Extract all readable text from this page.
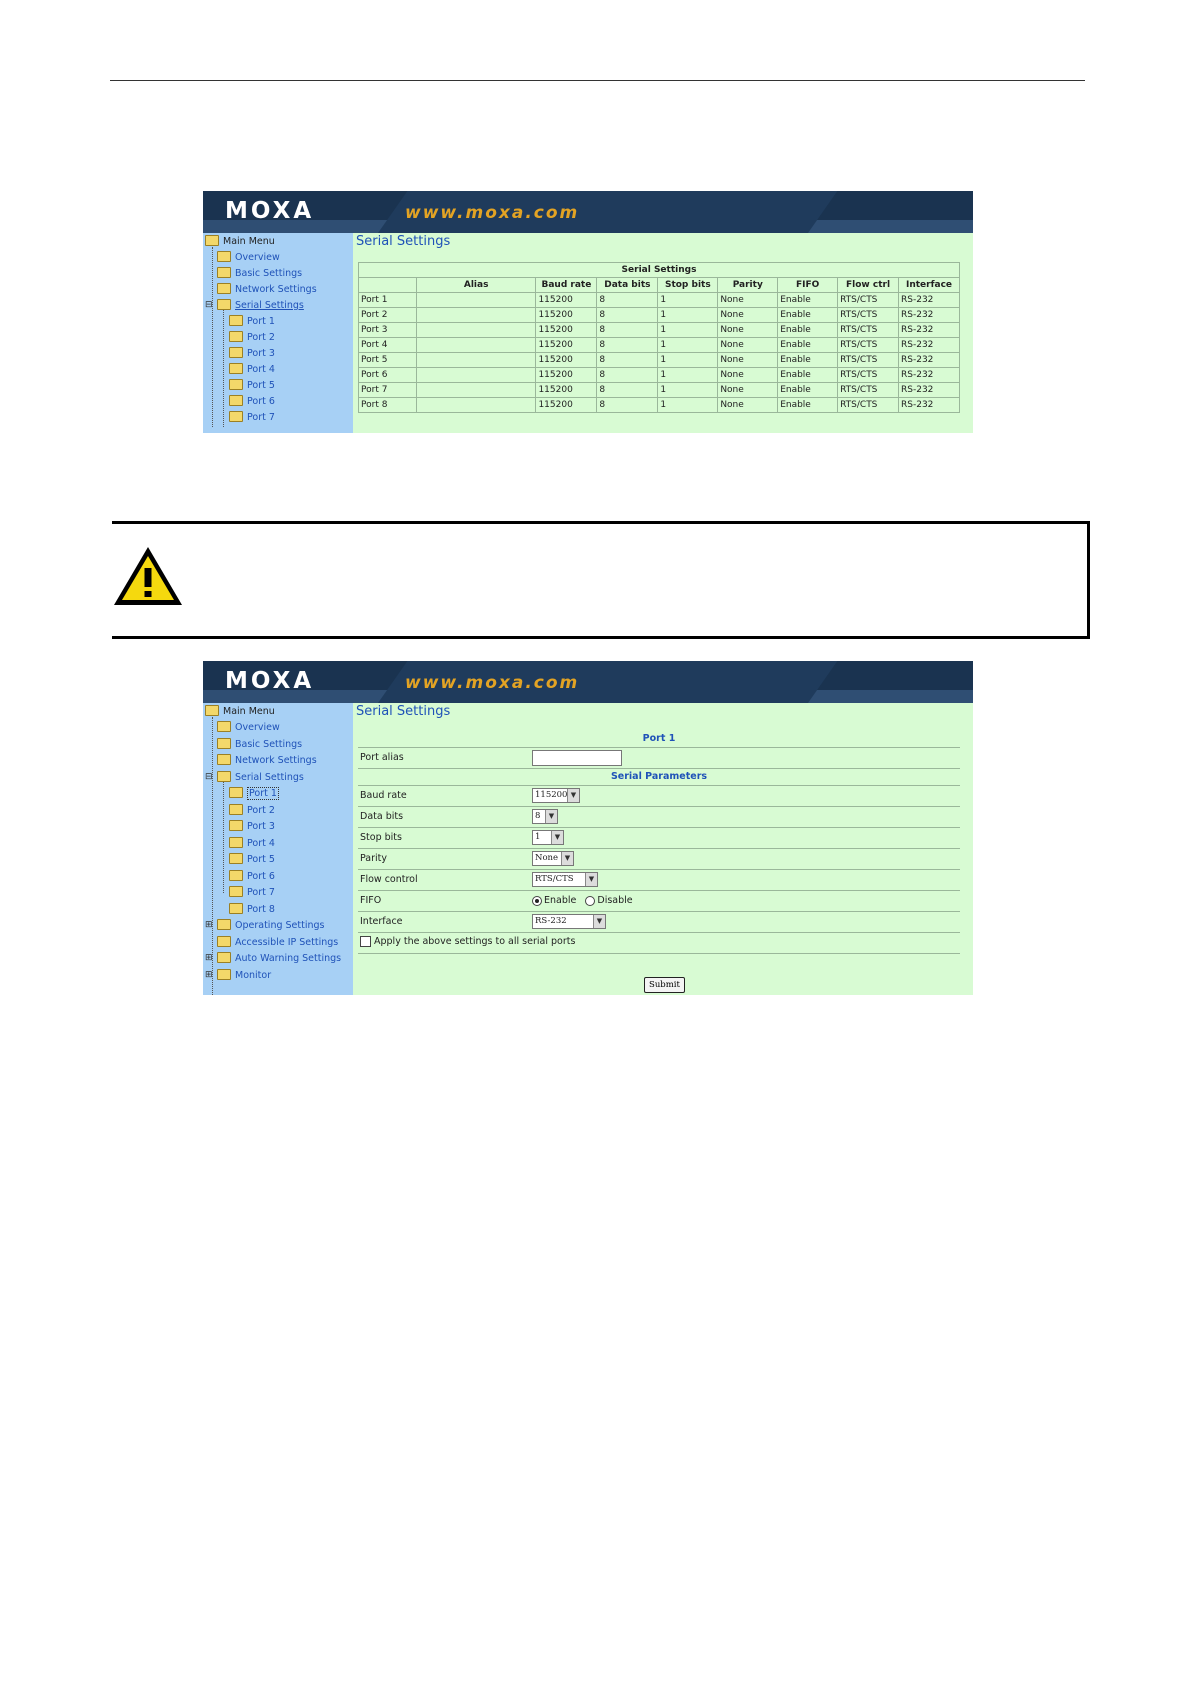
MOXA	www.moxa.com
Main Menu
Overview
Basic Settings
Network Settings
⊟ Serial Settings
Port 1
Port 2
Port 3
Port 4
Port 5
Port 6
Port 7
Serial Settings
Serial Settings								
	Alias	Baud rate	Data bits	Stop bits	Parity	FIFO	Flow ctrl	Interface
Port 1		115200	8	1	None	Enable	RTS/CTS	RS-232
Port 2		115200	8	1	None	Enable	RTS/CTS	RS-232
Port 3		115200	8	1	None	Enable	RTS/CTS	RS-232
Port 4		115200	8	1	None	Enable	RTS/CTS	RS-232
Port 5		115200	8	1	None	Enable	RTS/CTS	RS-232
Port 6		115200	8	1	None	Enable	RTS/CTS	RS-232
Port 7		115200	8	1	None	Enable	RTS/CTS	RS-232
Port 8		115200	8	1	None	Enable	RTS/CTS	RS-232
MOXA	www.moxa.com
Main Menu
Overview
Basic Settings
Network Settings
⊟ Serial Settings
Port 1
Port 2
Port 3
Port 4
Port 5
Port 6
Port 7
Port 8
⊞ Operating Settings
Accessible IP Settings
⊞ Auto Warning Settings
⊞ Monitor
Serial Settings
Port 1
Port alias
Serial Parameters
Baud rate	115200 ▼
Data bits	8	▼
Stop bits	1	▼
Parity	None ▼
Flow control	RTS/CTS	▼
FIFO	Enable Disable
Interface	RS-232	▼
Apply the above settings to all serial ports
Submit
